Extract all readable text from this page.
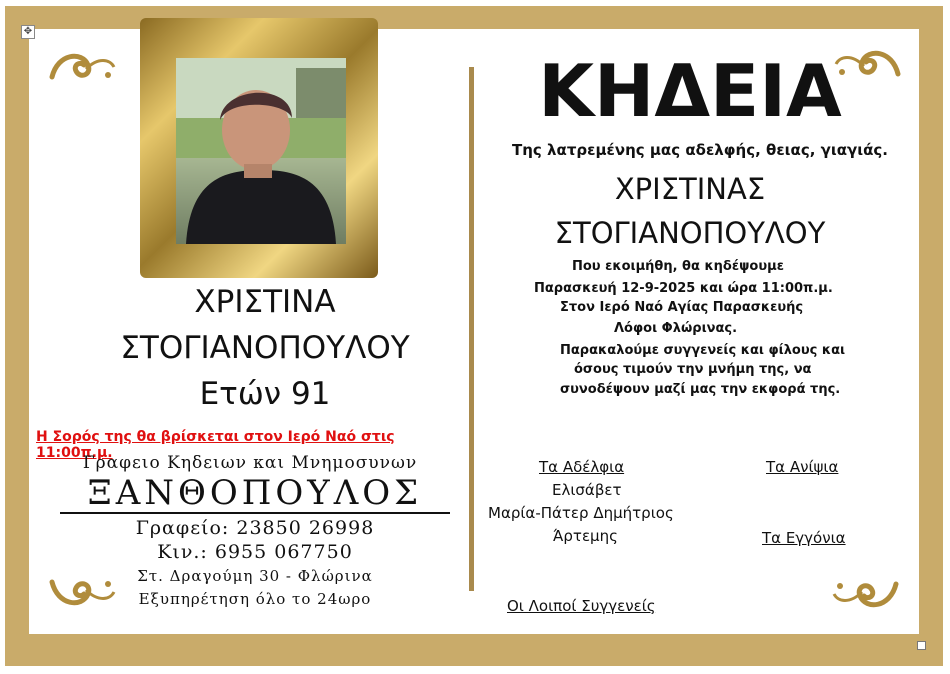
✥
ΧΡΙΣΤΙΝΑ
ΣΤΟΓΙΑΝΟΠΟΥΛΟΥ
Ετών 91
Η Σορός της θα βρίσκεται στον Ιερό Ναό στις 11:00π.μ.
Γραφειο Κηδειων και Μνημοσυνων
ΞΑΝΘΟΠΟΥΛΟΣ
Γραφείο: 23850 26998
Κιν.: 6955 067750
Στ. Δραγούμη 30 - Φλώρινα
Εξυπηρέτηση όλο το 24ωρο
ΚΗΔΕΙΑ
Της λατρεμένης μας αδελφής, θειας, γιαγιάς.
ΧΡΙΣΤΙΝΑΣ
ΣΤΟΓΙΑΝΟΠΟΥΛΟΥ
Που εκοιμήθη, θα κηδέψουμε
Παρασκευή 12-9-2025 και ώρα 11:00π.μ.
Στον Ιερό Ναό Αγίας Παρασκευής
Λόφοι Φλώρινας.
Παρακαλούμε συγγενείς και φίλους και
όσους τιμούν την μνήμη της, να
συνοδέψουν μαζί μας την εκφορά της.
Τα Αδέλφια
Ελισάβετ
Μαρία-Πάτερ Δημήτριος
Άρτεμης
Τα Ανίψια
Τα Εγγόνια
Οι Λοιποί Συγγενείς
